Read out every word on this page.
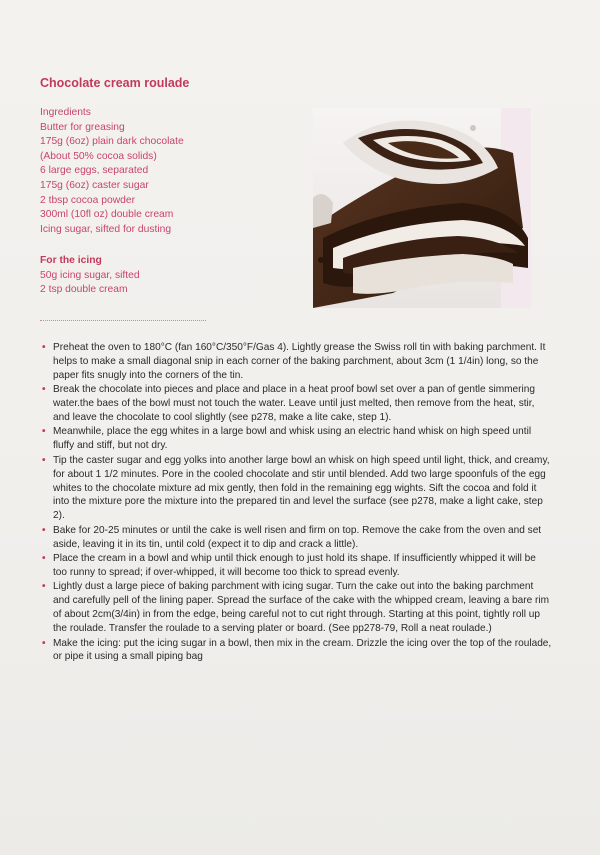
Chocolate cream roulade
Ingredients
Butter for greasing
175g (6oz) plain dark chocolate
(About 50% cocoa solids)
6 large eggs, separated
175g (6oz) caster sugar
2 tbsp cocoa powder
300ml (10fl oz) double cream
Icing sugar, sifted for dusting
For the icing
50g icing sugar, sifted
2 tsp double cream
• Preheat the oven to 180°C (fan 160°C/350°F/Gas 4). Lightly grease the Swiss roll tin with baking parchment. It helps to make a small diagonal snip in each corner of the baking parchment, about 3cm (1 1/4in) long, so the paper fits snugly into the corners of the tin.
• Break the chocolate into pieces and place and place in a heat proof bowl set over a pan of gentle simmering water.the baes of the bowl must not touch the water. Leave until just melted, then remove from the heat, stir, and leave the chocolate to cool slightly (see p278, make a lite cake, step 1).
• Meanwhile, place the egg whites in a large bowl and whisk using an electric hand whisk on high speed until fluffy and stiff, but not dry.
• Tip the caster sugar and egg yolks into another large bowl an whisk on high speed until light, thick, and creamy, for about 1 1/2 minutes. Pore in the cooled chocolate and stir until blended. Add two large spoonfuls of the egg whites to the chocolate mixture ad mix gently, then fold in the remaining egg wights. Sift the cocoa and fold it into the mixture pore the mixture into the prepared tin and level the surface (see p278, make a light cake, step 2).
• Bake for 20-25 minutes or until the cake is well risen and firm on top. Remove the cake from the oven and set aside, leaving it in its tin, until cold (expect it to dip and crack a little).
• Place the cream in a bowl and whip until thick enough to just hold its shape. If insufficiently whipped it will be too runny to spread; if over-whipped, it will become too thick to spread evenly.
• Lightly dust a large piece of baking parchment with icing sugar. Turn the cake out into the baking parchment and carefully pell of the lining paper. Spread the surface of the cake with the whipped cream, leaving a bare rim of about 2cm(3/4in) in from the edge, being careful not to cut right through. Starting at this point, tightly roll up the roulade. Transfer the roulade to a serving plater or board. (See pp278-79, Roll a neat roulade.)
• Make the icing: put the icing sugar in a bowl, then mix in the cream. Drizzle the icing over the top of the roulade, or pipe it using a small piping bag
